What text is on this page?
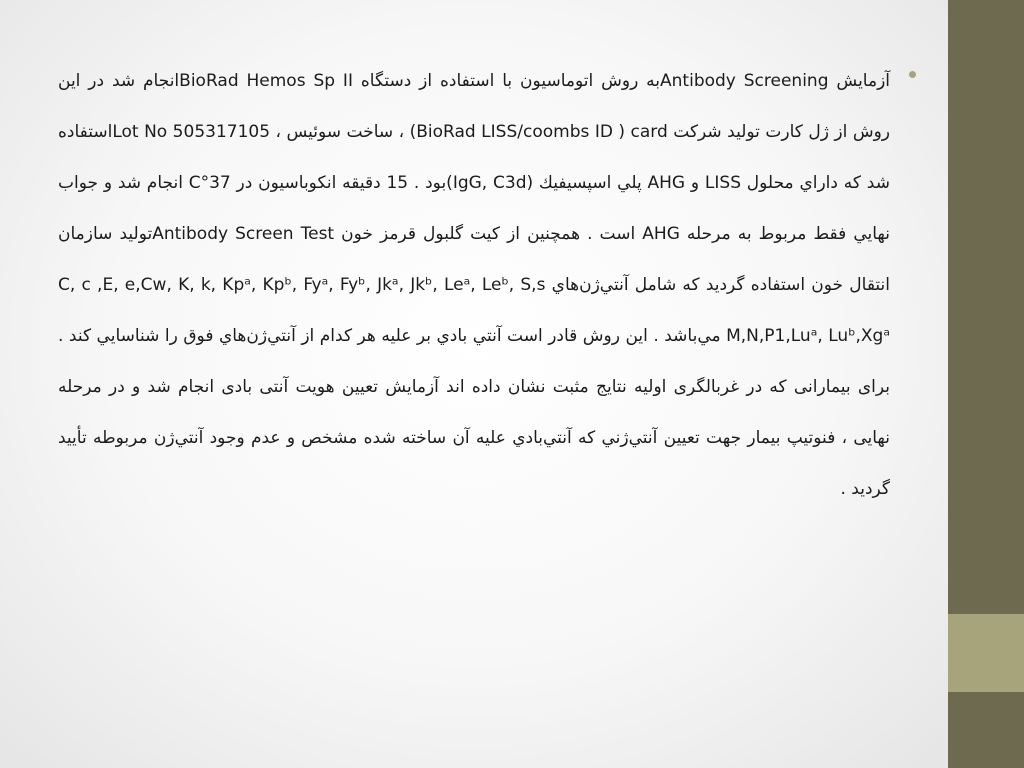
آزمایش Antibody Screeningبه روش اتوماسیون با استفاده از دستگاه BioRad Hemos Sp IIانجام شد در این روش از ژل کارت تولید شرکت BioRad LISS/coombs ID ) card) ، ساخت سوئیس ، Lot No 505317105استفاده شد که داراي محلول LISS و AHG پلي اسپسيفيك (IgG, C3d)بود . 15 دقيقه انكوباسيون در 37°C انجام شد و جواب نهايي فقط مربوط به مرحله AHG است . همچنین از کیت گلبول قرمز خون Antibody Screen Testتولید سازمان انتقال خون استفاده گردید كه شامل آنتي‌ژن‌هاي C, c ,E, e,Cw, K, k, Kpᵃ, Kpᵇ, Fyᵃ, Fyᵇ, Jkᵃ, Jkᵇ, Leᵃ, Leᵇ, S,s M,N,P1,Luᵃ, Luᵇ,Xgᵃ مي‌باشد . این روش قادر است آنتي بادي بر علیه هر كدام از آنتي‌ژن‌هاي فوق را شناسايي كند . برای بیمارانی که در غربالگری اولیه نتایج مثبت نشان داده اند آزمایش تعیین هویت آنتی بادی انجام شد و در مرحله نهایی ، فنوتیپ بیمار جهت تعیین آنتي‌ژني كه آنتي‌بادي عليه آن ساخته شده مشخص و عدم وجود آنتي‌ژن مربوطه تأیید گردید .
